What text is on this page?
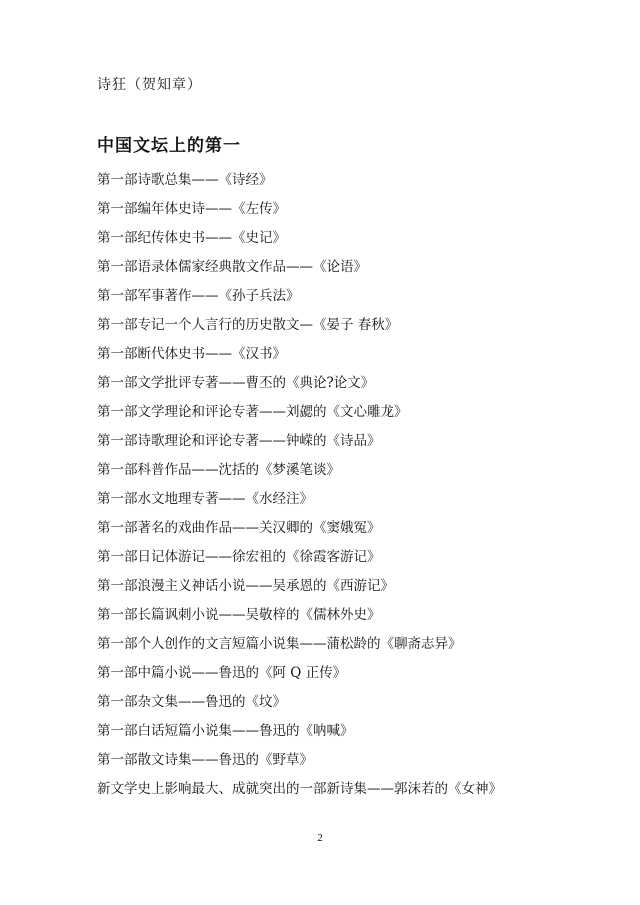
诗狂（贺知章）
中国文坛上的第一
第一部诗歌总集——《诗经》
第一部编年体史诗——《左传》
第一部纪传体史书——《史记》
第一部语录体儒家经典散文作品——《论语》
第一部军事著作——《孙子兵法》
第一部专记一个人言行的历史散文—《晏子 春秋》
第一部断代体史书——《汉书》
第一部文学批评专著——曹丕的《典论?论文》
第一部文学理论和评论专著——刘勰的《文心雕龙》
第一部诗歌理论和评论专著——钟嵘的《诗品》
第一部科普作品——沈括的《梦溪笔谈》
第一部水文地理专著——《水经注》
第一部著名的戏曲作品——关汉卿的《窦娥冤》
第一部日记体游记——徐宏祖的《徐霞客游记》
第一部浪漫主义神话小说——吴承恩的《西游记》
第一部长篇讽刺小说——吴敬梓的《儒林外史》
第一部个人创作的文言短篇小说集——蒲松龄的《聊斋志异》
第一部中篇小说——鲁迅的《阿 Q 正传》
第一部杂文集——鲁迅的《坟》
第一部白话短篇小说集——鲁迅的《呐喊》
第一部散文诗集——鲁迅的《野草》
新文学史上影响最大、成就突出的一部新诗集——郭沫若的《女神》
2
